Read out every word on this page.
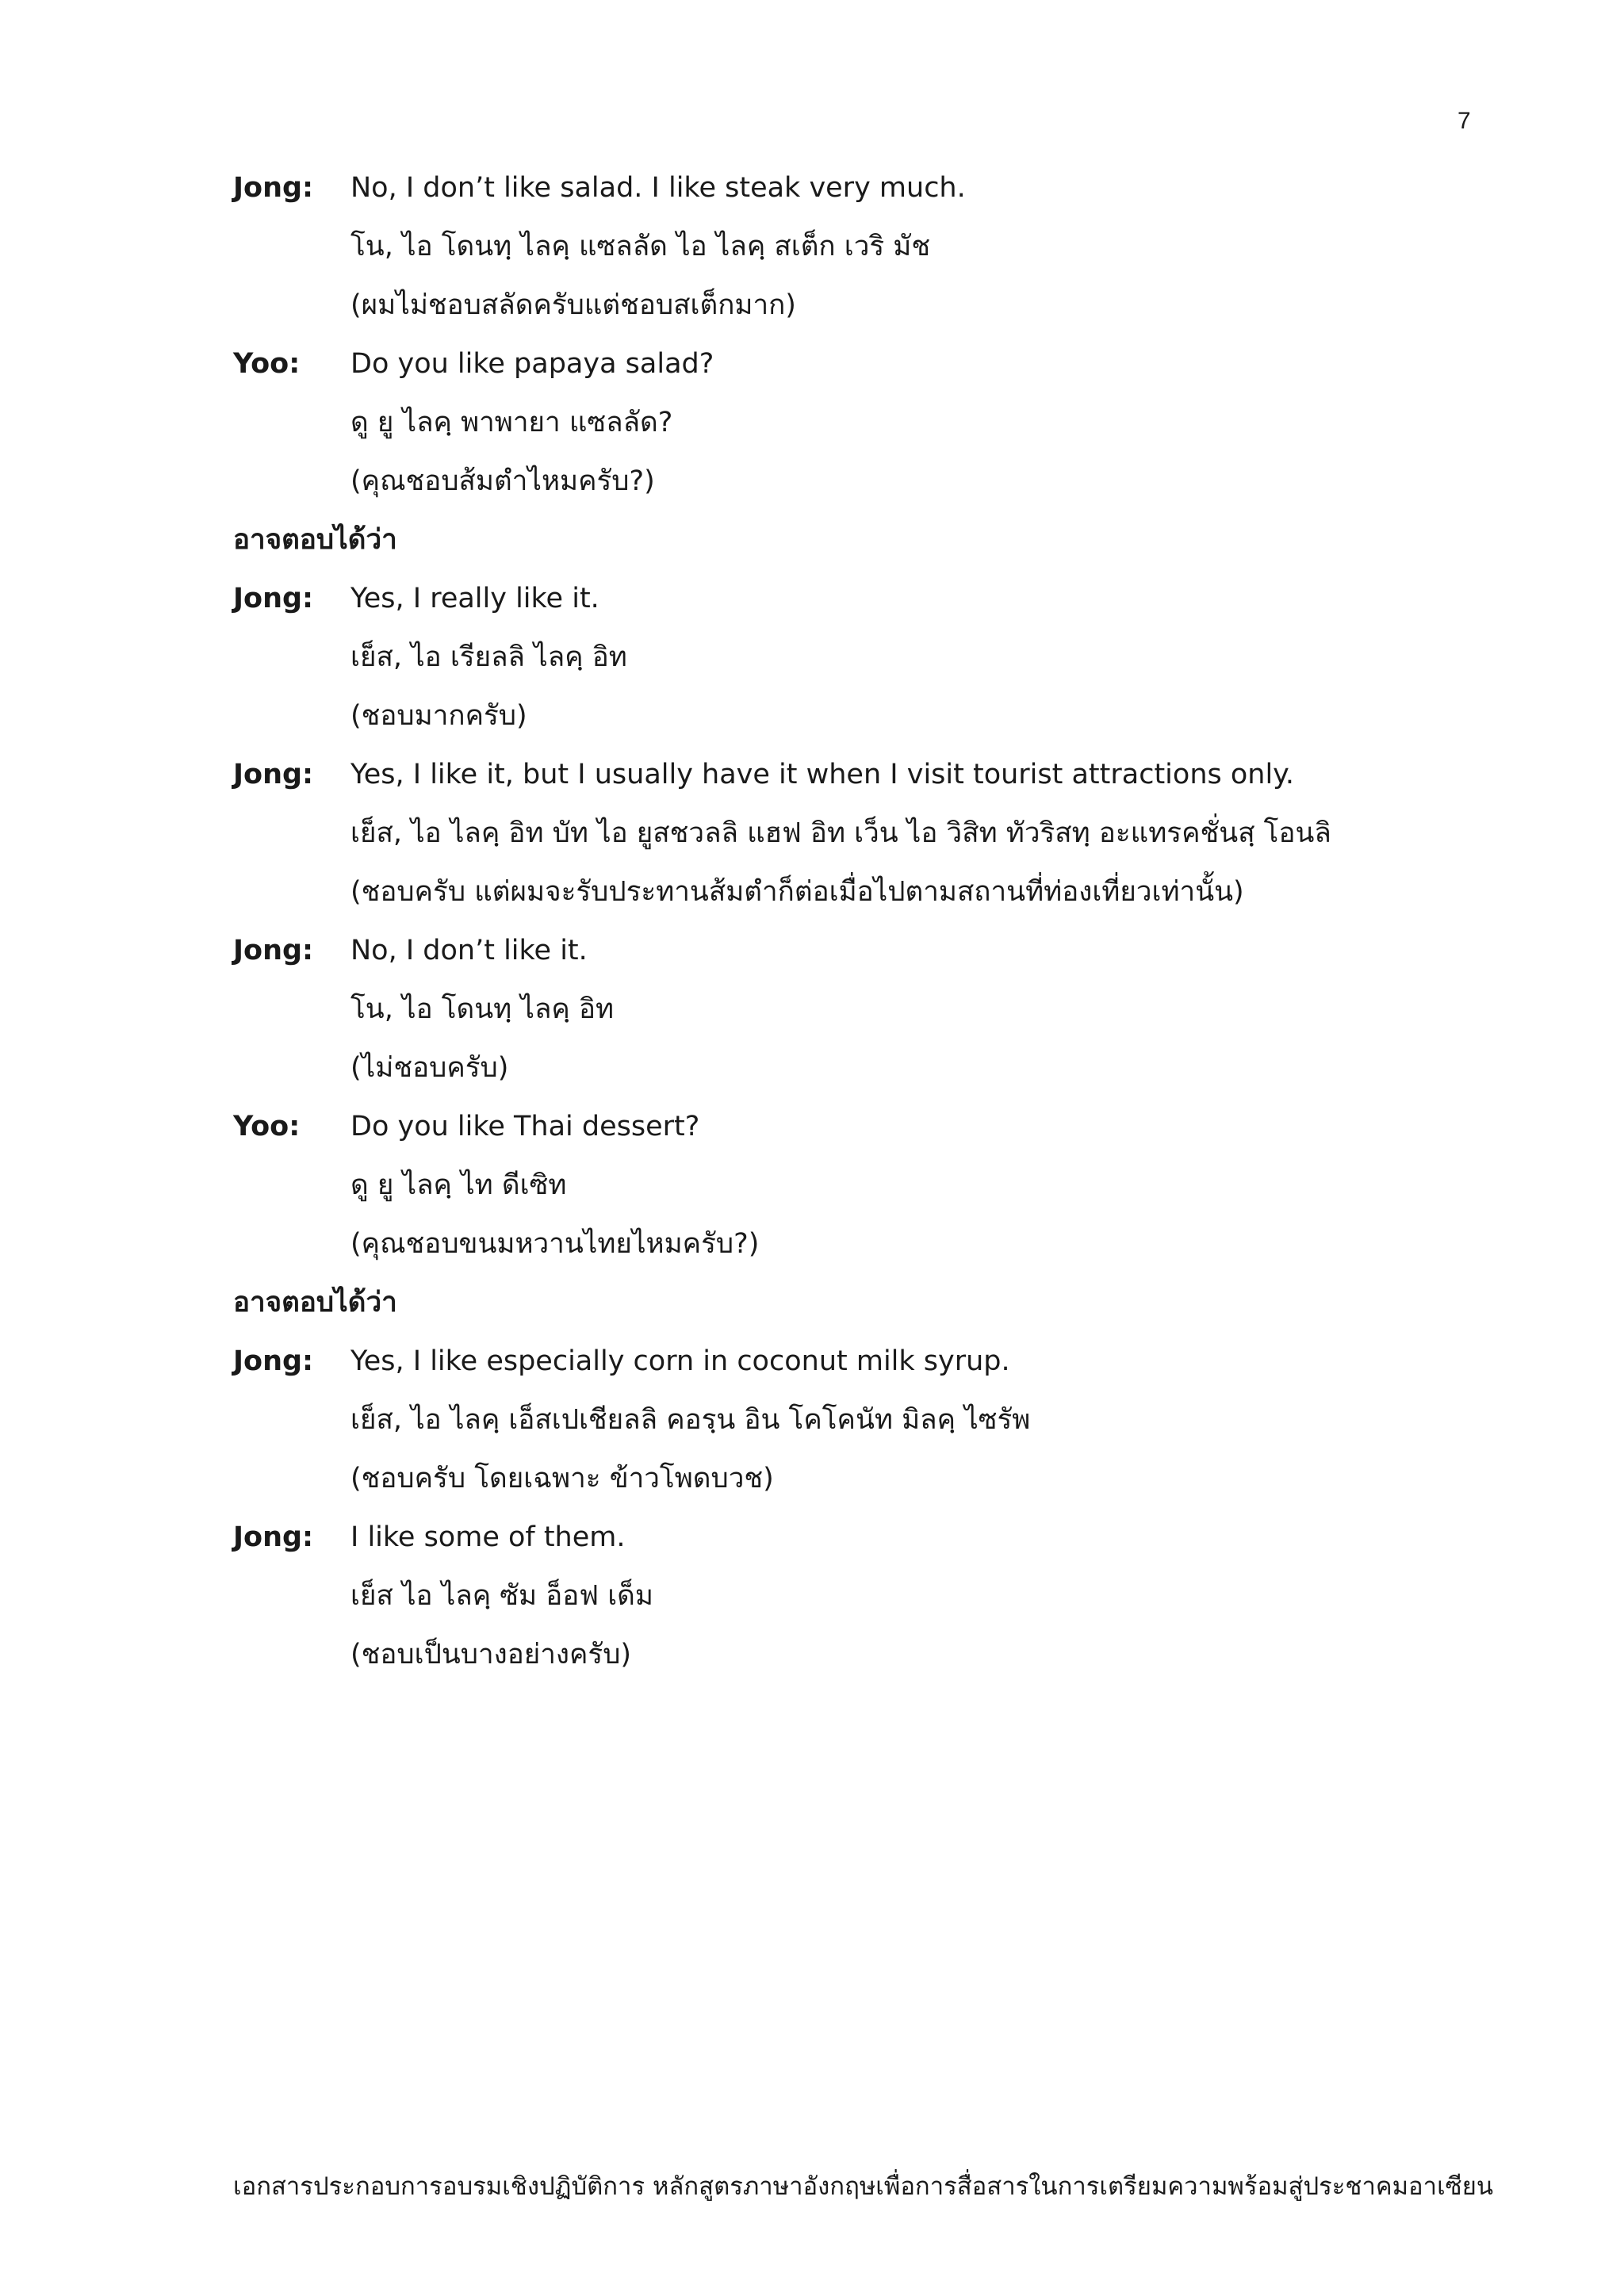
7
Jong:	No, I don’t like salad. I like steak very much.
โน, ไอ โดนทฺ ไลคฺ แซลลัด ไอ ไลคฺ สเต็ก เวริ มัช
(ผมไม่ชอบสลัดครับแต่ชอบสเต็กมาก)
Yoo:	Do you like papaya salad?
ดู ยู ไลคฺ พาพายา แซลลัด?
(คุณชอบส้มตำไหมครับ?)
อาจตอบได้ว่า
Jong:	Yes, I really like it.
เย็ส, ไอ เรียลลิ ไลคฺ อิท
(ชอบมากครับ)
Jong:	Yes, I like it, but I usually have it when I visit tourist attractions only.
เย็ส, ไอ ไลคฺ อิท บัท ไอ ยูสชวลลิ แฮฟ อิท เว็น ไอ วิสิท ทัวริสทฺ อะแทรคชั่นสฺ โอนลิ
(ชอบครับ แต่ผมจะรับประทานส้มตำก็ต่อเมื่อไปตามสถานที่ท่องเที่ยวเท่านั้น)
Jong:	No, I don’t like it.
โน, ไอ โดนทฺ ไลคฺ อิท
(ไม่ชอบครับ)
Yoo:	Do you like Thai dessert?
ดู ยู ไลคฺ ไท ดีเซิท
(คุณชอบขนมหวานไทยไหมครับ?)
อาจตอบได้ว่า
Jong:	Yes, I like especially corn in coconut milk syrup.
เย็ส, ไอ ไลคฺ เอ็สเปเชียลลิ คอรฺน อิน โคโคนัท มิลคฺ ไซรัพ
(ชอบครับ โดยเฉพาะ ข้าวโพดบวช)
Jong:	I like some of them.
เย็ส ไอ ไลคฺ ซัม อ็อฟ เด็ม
(ชอบเป็นบางอย่างครับ)
เอกสารประกอบการอบรมเชิงปฏิบัติการ หลักสูตรภาษาอังกฤษเพื่อการสื่อสารในการเตรียมความพร้อมสู่ประชาคมอาเซียน
